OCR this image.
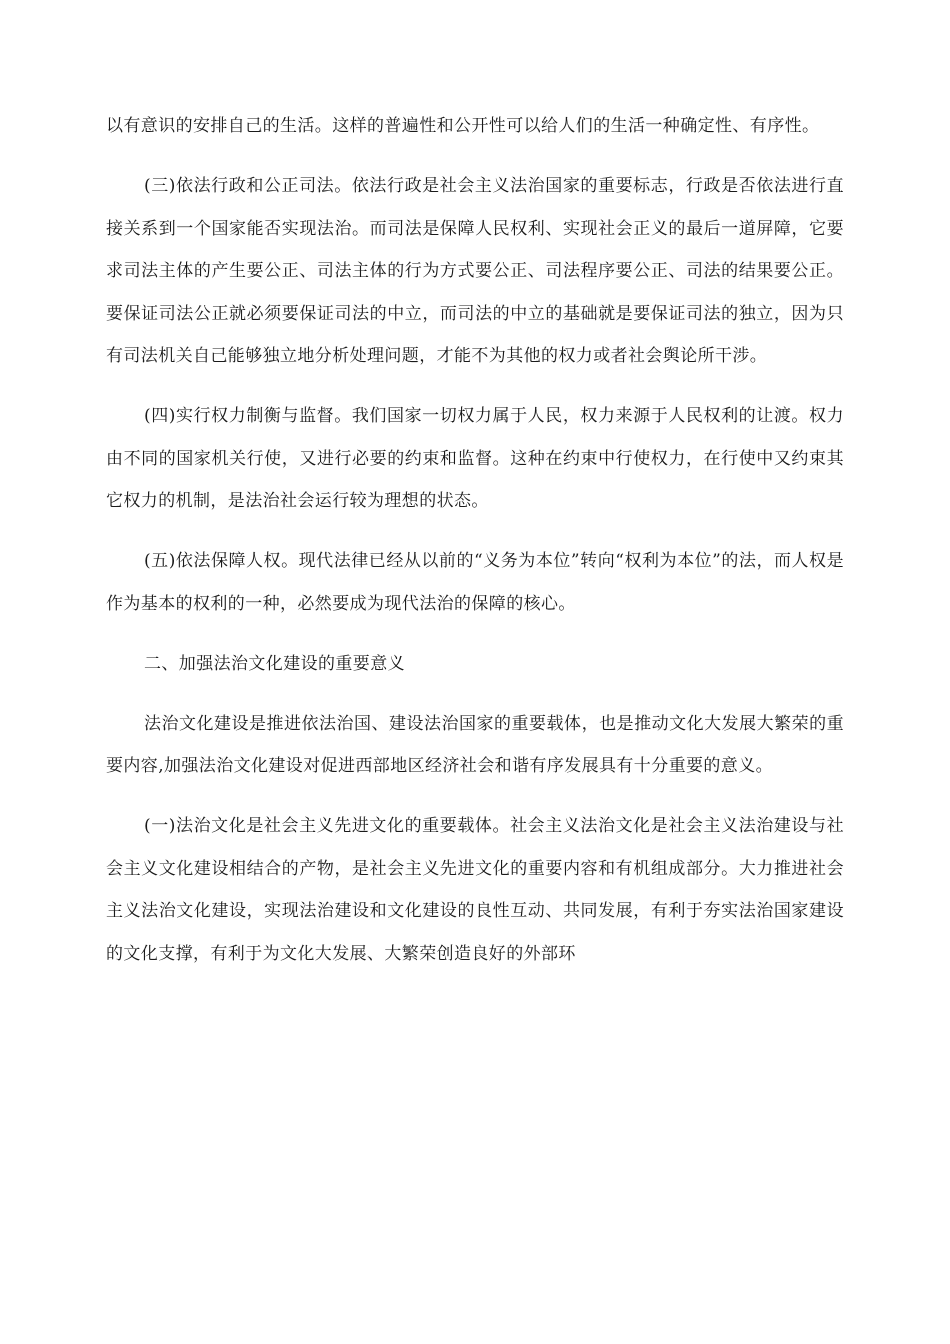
以有意识的安排自己的生活。这样的普遍性和公开性可以给人们的生活一种确定性、有序性。

(三)依法行政和公正司法。依法行政是社会主义法治国家的重要标志，行政是否依法进行直接关系到一个国家能否实现法治。而司法是保障人民权利、实现社会正义的最后一道屏障，它要求司法主体的产生要公正、司法主体的行为方式要公正、司法程序要公正、司法的结果要公正。要保证司法公正就必须要保证司法的中立，而司法的中立的基础就是要保证司法的独立，因为只有司法机关自己能够独立地分析处理问题，才能不为其他的权力或者社会舆论所干涉。

(四)实行权力制衡与监督。我们国家一切权力属于人民，权力来源于人民权利的让渡。权力由不同的国家机关行使，又进行必要的约束和监督。这种在约束中行使权力，在行使中又约束其它权力的机制，是法治社会运行较为理想的状态。

(五)依法保障人权。现代法律已经从以前的“义务为本位”转向“权利为本位”的法，而人权是作为基本的权利的一种，必然要成为现代法治的保障的核心。

二、加强法治文化建设的重要意义

法治文化建设是推进依法治国、建设法治国家的重要载体，也是推动文化大发展大繁荣的重要内容,加强法治文化建设对促进西部地区经济社会和谐有序发展具有十分重要的意义。

(一)法治文化是社会主义先进文化的重要载体。社会主义法治文化是社会主义法治建设与社会主义文化建设相结合的产物，是社会主义先进文化的重要内容和有机组成部分。大力推进社会主义法治文化建设，实现法治建设和文化建设的良性互动、共同发展，有利于夯实法治国家建设的文化支撑，有利于为文化大发展、大繁荣创造良好的外部环
